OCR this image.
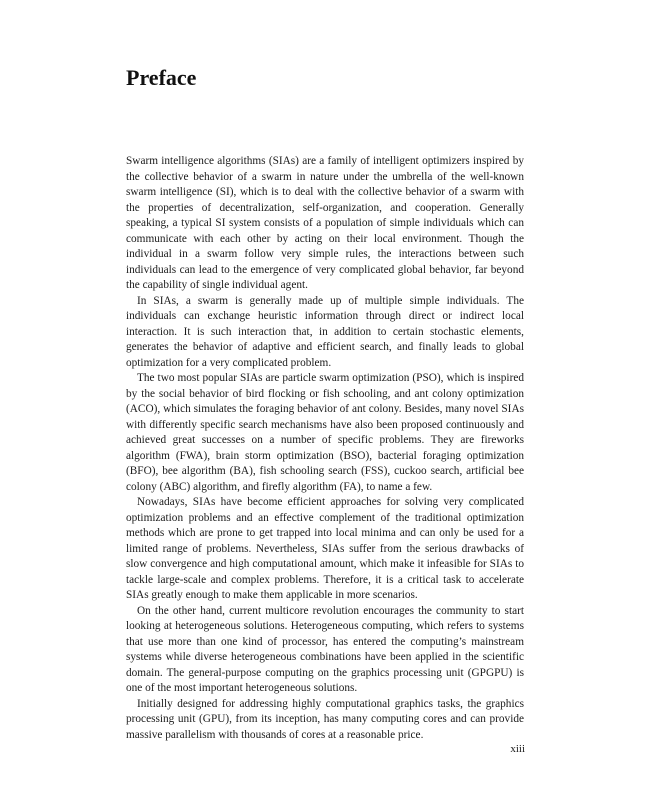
Preface

Swarm intelligence algorithms (SIAs) are a family of intelligent optimizers inspired by the collective behavior of a swarm in nature under the umbrella of the well-known swarm intelligence (SI), which is to deal with the collective behavior of a swarm with the properties of decentralization, self-organization, and cooperation. Generally speaking, a typical SI system consists of a population of simple individuals which can communicate with each other by acting on their local environment. Though the individual in a swarm follow very simple rules, the interactions between such individuals can lead to the emergence of very complicated global behavior, far beyond the capability of single individual agent.

In SIAs, a swarm is generally made up of multiple simple individuals. The individuals can exchange heuristic information through direct or indirect local interaction. It is such interaction that, in addition to certain stochastic elements, generates the behavior of adaptive and efficient search, and finally leads to global optimization for a very complicated problem.

The two most popular SIAs are particle swarm optimization (PSO), which is inspired by the social behavior of bird flocking or fish schooling, and ant colony optimization (ACO), which simulates the foraging behavior of ant colony. Besides, many novel SIAs with differently specific search mechanisms have also been proposed continuously and achieved great successes on a number of specific problems. They are fireworks algorithm (FWA), brain storm optimization (BSO), bacterial foraging optimization (BFO), bee algorithm (BA), fish schooling search (FSS), cuckoo search, artificial bee colony (ABC) algorithm, and firefly algorithm (FA), to name a few.

Nowadays, SIAs have become efficient approaches for solving very complicated optimization problems and an effective complement of the traditional optimization methods which are prone to get trapped into local minima and can only be used for a limited range of problems. Nevertheless, SIAs suffer from the serious drawbacks of slow convergence and high computational amount, which make it infeasible for SIAs to tackle large-scale and complex problems. Therefore, it is a critical task to accelerate SIAs greatly enough to make them applicable in more scenarios.

On the other hand, current multicore revolution encourages the community to start looking at heterogeneous solutions. Heterogeneous computing, which refers to systems that use more than one kind of processor, has entered the computing’s mainstream systems while diverse heterogeneous combinations have been applied in the scientific domain. The general-purpose computing on the graphics processing unit (GPGPU) is one of the most important heterogeneous solutions.

Initially designed for addressing highly computational graphics tasks, the graphics processing unit (GPU), from its inception, has many computing cores and can provide massive parallelism with thousands of cores at a reasonable price.

xiii
